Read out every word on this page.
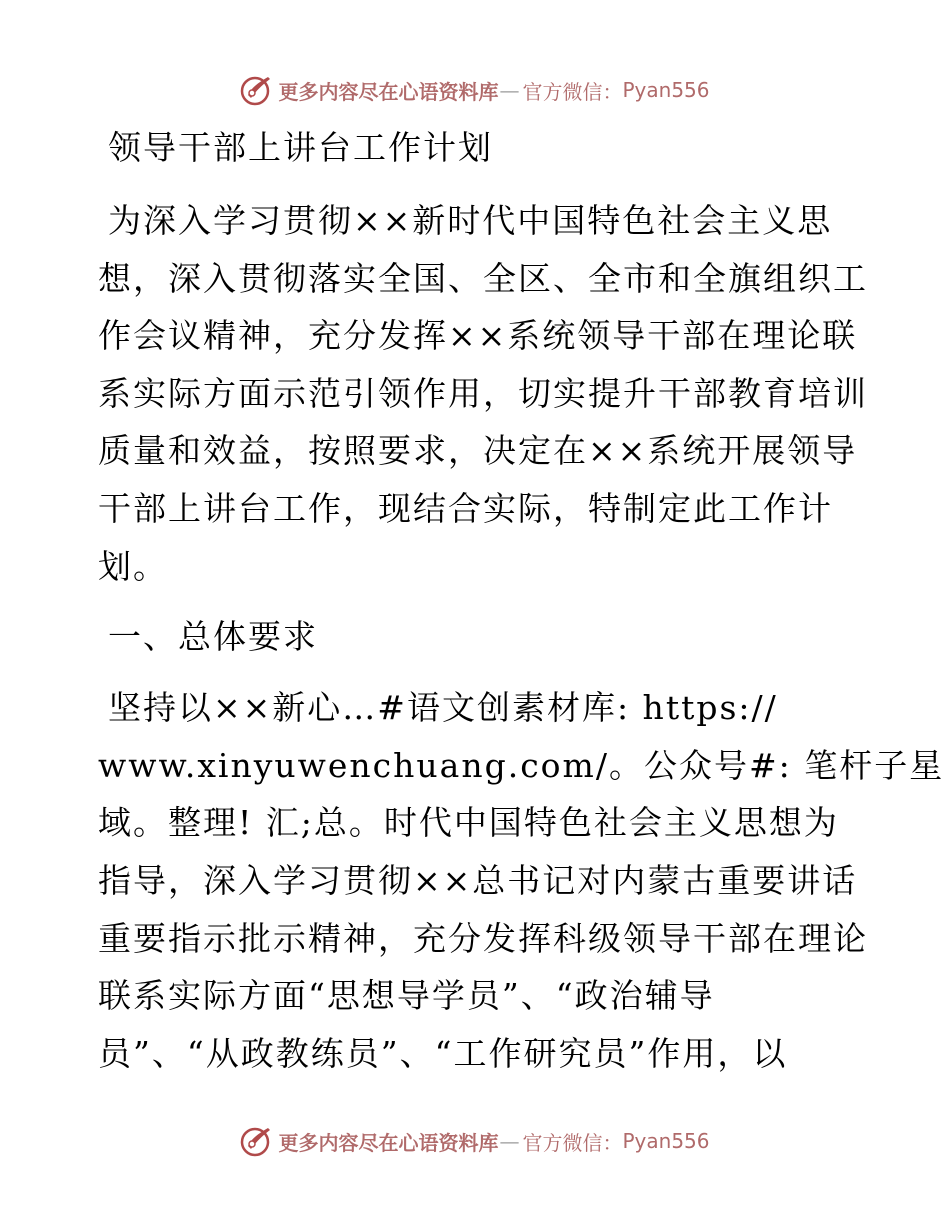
更多内容尽在心语资料库 — 官方微信： Pyan556
领导干部上讲台工作计划
为深入学习贯彻××新时代中国特色社会主义思
想，深入贯彻落实全国、全区、全市和全旗组织工
作会议精神，充分发挥××系统领导干部在理论联
系实际方面示范引领作用，切实提升干部教育培训
质量和效益，按照要求，决定在××系统开展领导
干部上讲台工作，现结合实际，特制定此工作计
划。
一、总体要求
坚持以××新心…#语文创素材库: https://
www.xinyuwenchuang.com/。公众号#: 笔杆子星
域。整理! 汇;总。时代中国特色社会主义思想为
指导，深入学习贯彻××总书记对内蒙古重要讲话
重要指示批示精神，充分发挥科级领导干部在理论
联系实际方面“思想导学员”、“政治辅导
员”、“从政教练员”、“工作研究员”作用，以
更多内容尽在心语资料库 — 官方微信： Pyan556
